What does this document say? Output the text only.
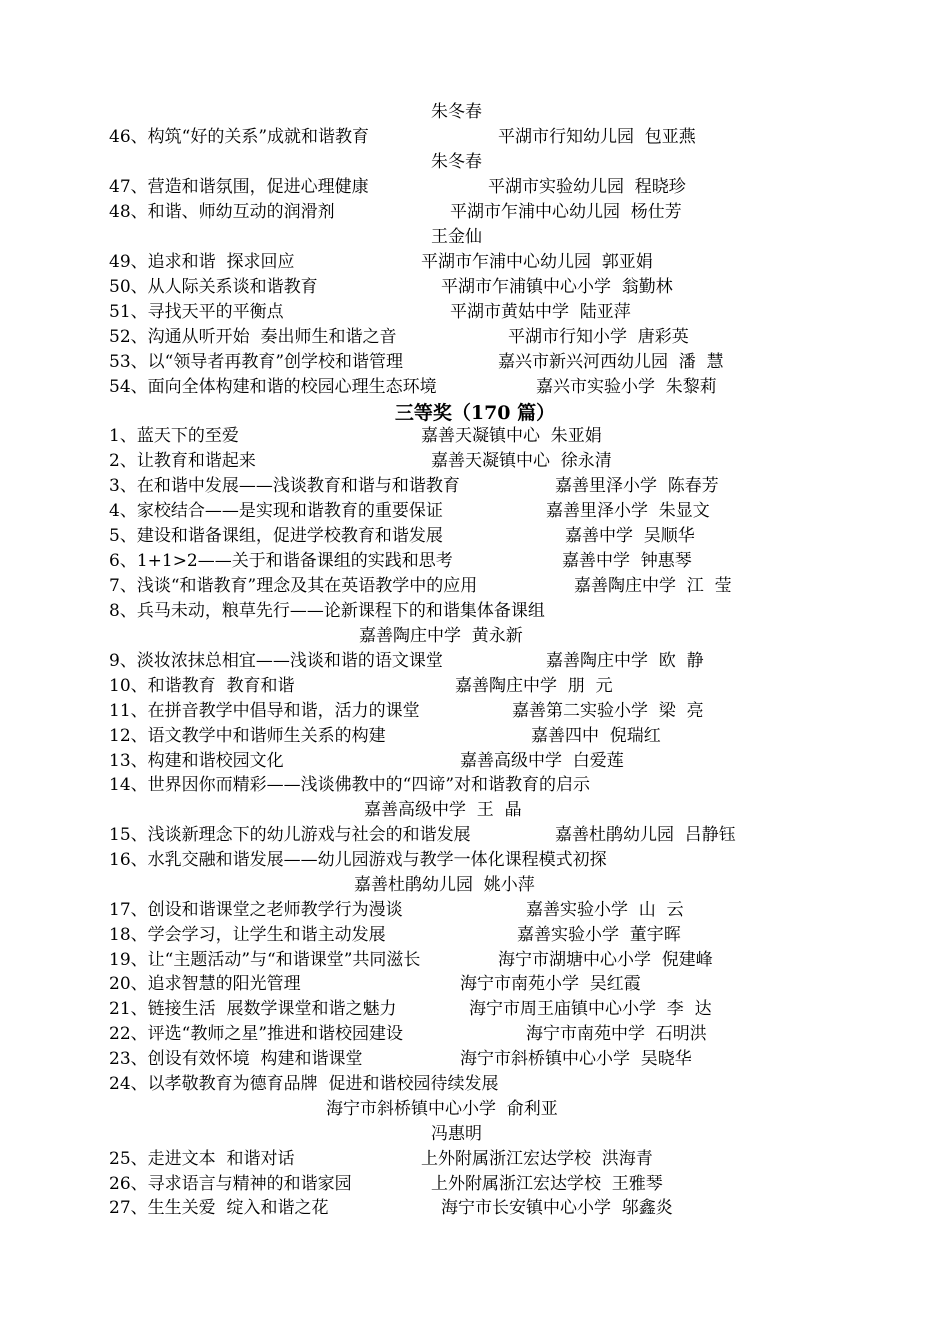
朱冬春
46、构筑“好的关系”成就和谐教育	平湖市行知幼儿园  包亚燕
朱冬春
47、营造和谐氛围，促进心理健康	平湖市实验幼儿园  程晓珍
48、和谐、师幼互动的润滑剂	平湖市乍浦中心幼儿园  杨仕芳
王金仙
49、追求和谐  探求回应	平湖市乍浦中心幼儿园  郭亚娟
50、从人际关系谈和谐教育	平湖市乍浦镇中心小学  翁勤林
51、寻找天平的平衡点	平湖市黄姑中学  陆亚萍
52、沟通从听开始  奏出师生和谐之音	平湖市行知小学  唐彩英
53、以“领导者再教育”创学校和谐管理	嘉兴市新兴河西幼儿园  潘  慧
54、面向全体构建和谐的校园心理生态环境	嘉兴市实验小学  朱黎莉
三等奖（170 篇）
1、蓝天下的至爱	嘉善天凝镇中心  朱亚娟
2、让教育和谐起来	嘉善天凝镇中心  徐永清
3、在和谐中发展——浅谈教育和谐与和谐教育	嘉善里泽小学  陈春芳
4、家校结合——是实现和谐教育的重要保证	嘉善里泽小学  朱显文
5、建设和谐备课组，促进学校教育和谐发展	嘉善中学  吴顺华
6、1+1>2——关于和谐备课组的实践和思考	嘉善中学  钟惠琴
7、浅谈“和谐教育”理念及其在英语教学中的应用	嘉善陶庄中学  江  莹
8、兵马未动，粮草先行——论新课程下的和谐集体备课组
嘉善陶庄中学  黄永新
9、淡妆浓抹总相宜——浅谈和谐的语文课堂	嘉善陶庄中学  欧  静
10、和谐教育  教育和谐	嘉善陶庄中学  朋  元
11、在拼音教学中倡导和谐，活力的课堂	嘉善第二实验小学  梁  亮
12、语文教学中和谐师生关系的构建	嘉善四中  倪瑞红
13、构建和谐校园文化	嘉善高级中学  白爱莲
14、世界因你而精彩——浅谈佛教中的“四谛”对和谐教育的启示
嘉善高级中学  王  晶
15、浅谈新理念下的幼儿游戏与社会的和谐发展	嘉善杜鹃幼儿园  吕静钰
16、水乳交融和谐发展——幼儿园游戏与教学一体化课程模式初探
嘉善杜鹃幼儿园  姚小萍
17、创设和谐课堂之老师教学行为漫谈	嘉善实验小学  山  云
18、学会学习，让学生和谐主动发展	嘉善实验小学  董宇晖
19、让“主题活动”与“和谐课堂”共同滋长	海宁市湖塘中心小学  倪建峰
20、追求智慧的阳光管理	海宁市南苑小学  吴红霞
21、链接生活  展数学课堂和谐之魅力	海宁市周王庙镇中心小学  李  达
22、评选“教师之星”推进和谐校园建设	海宁市南苑中学  石明洪
23、创设有效怀境  构建和谐课堂	海宁市斜桥镇中心小学  吴晓华
24、以孝敬教育为德育品牌  促进和谐校园待续发展
海宁市斜桥镇中心小学  俞利亚
冯惠明
25、走进文本  和谐对话	上外附属浙江宏达学校  洪海青
26、寻求语言与精神的和谐家园	上外附属浙江宏达学校  王雅琴
27、生生关爱  绽入和谐之花	海宁市长安镇中心小学  邬鑫炎
